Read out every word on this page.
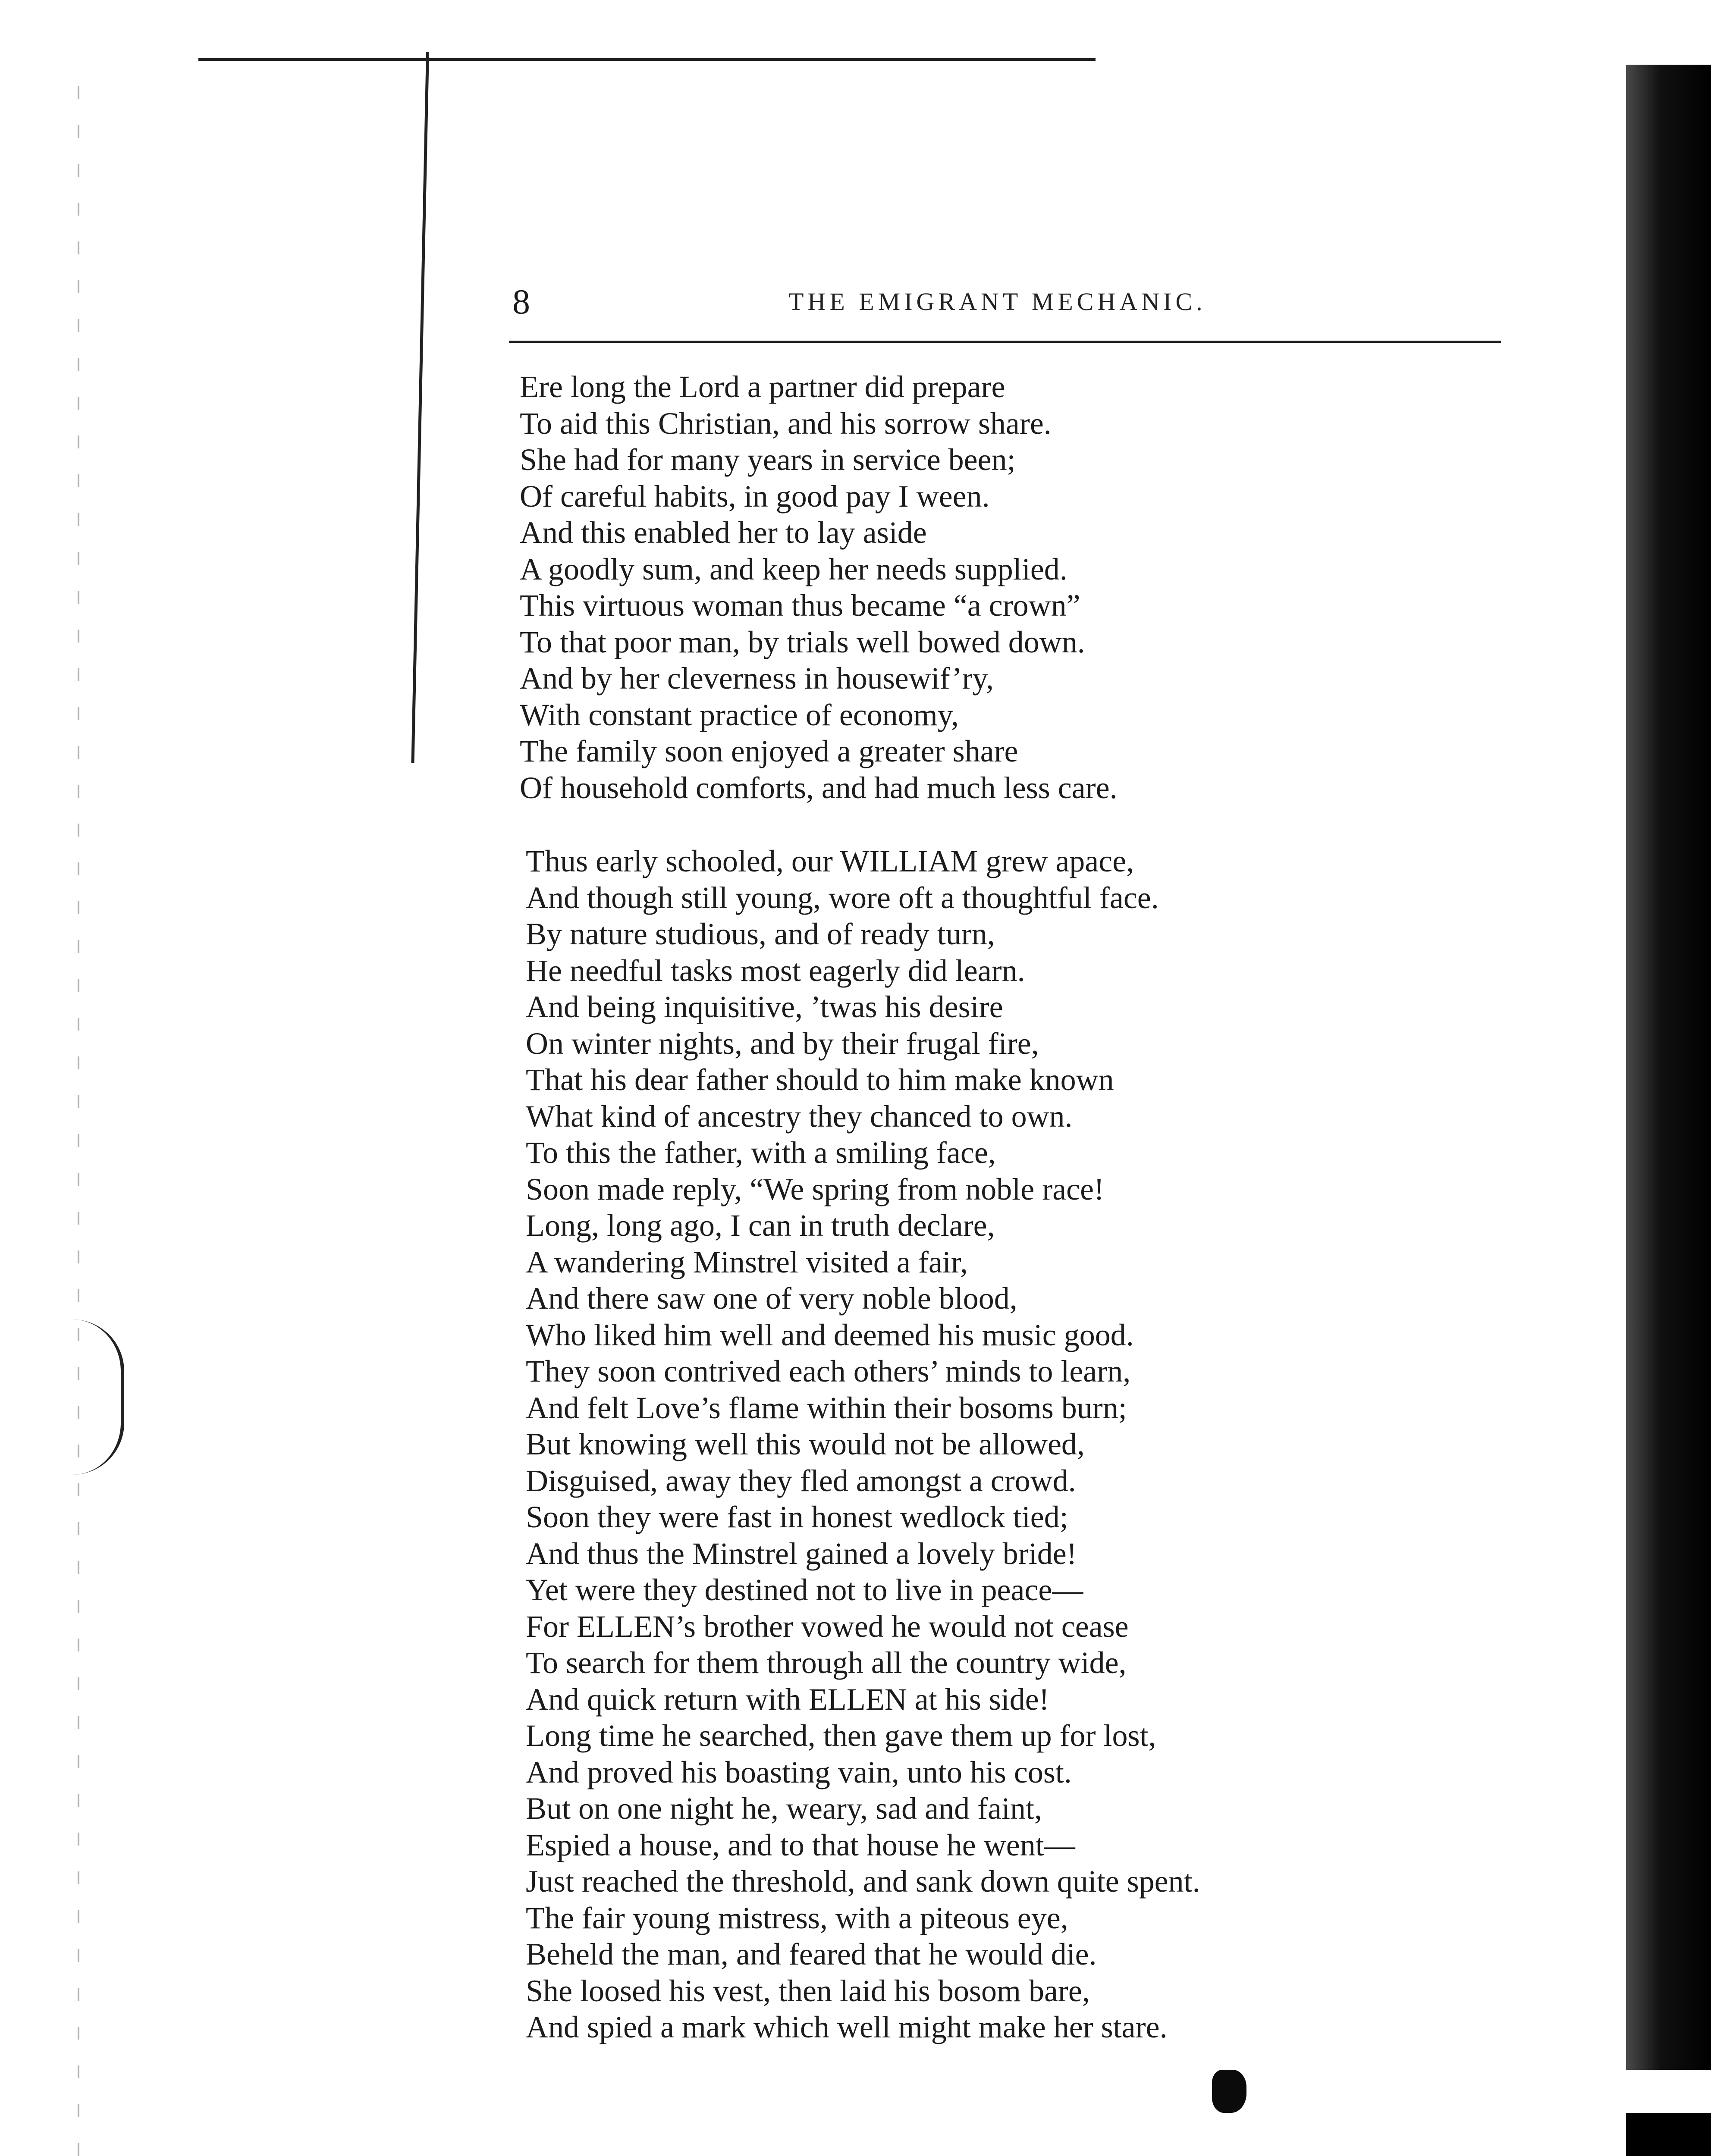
8	THE EMIGRANT MECHANIC.
Ere long the Lord a partner did prepare
To aid this Christian, and his sorrow share.
She had for many years in service been;
Of careful habits, in good pay I ween.
And this enabled her to lay aside
A goodly sum, and keep her needs supplied.
This virtuous woman thus became “a crown”
To that poor man, by trials well bowed down.
And by her cleverness in housewif’ry,
With constant practice of economy,
The family soon enjoyed a greater share
Of household comforts, and had much less care.
Thus early schooled, our WILLIAM grew apace,
And though still young, wore oft a thoughtful face.
By nature studious, and of ready turn,
He needful tasks most eagerly did learn.
And being inquisitive, ’twas his desire
On winter nights, and by their frugal fire,
That his dear father should to him make known
What kind of ancestry they chanced to own.
To this the father, with a smiling face,
Soon made reply, “We spring from noble race!
Long, long ago, I can in truth declare,
A wandering Minstrel visited a fair,
And there saw one of very noble blood,
Who liked him well and deemed his music good.
They soon contrived each others’ minds to learn,
And felt Love’s flame within their bosoms burn;
But knowing well this would not be allowed,
Disguised, away they fled amongst a crowd.
Soon they were fast in honest wedlock tied;
And thus the Minstrel gained a lovely bride!
Yet were they destined not to live in peace—
For ELLEN’s brother vowed he would not cease
To search for them through all the country wide,
And quick return with ELLEN at his side!
Long time he searched, then gave them up for lost,
And proved his boasting vain, unto his cost.
But on one night he, weary, sad and faint,
Espied a house, and to that house he went—
Just reached the threshold, and sank down quite spent.
The fair young mistress, with a piteous eye,
Beheld the man, and feared that he would die.
She loosed his vest, then laid his bosom bare,
And spied a mark which well might make her stare.
